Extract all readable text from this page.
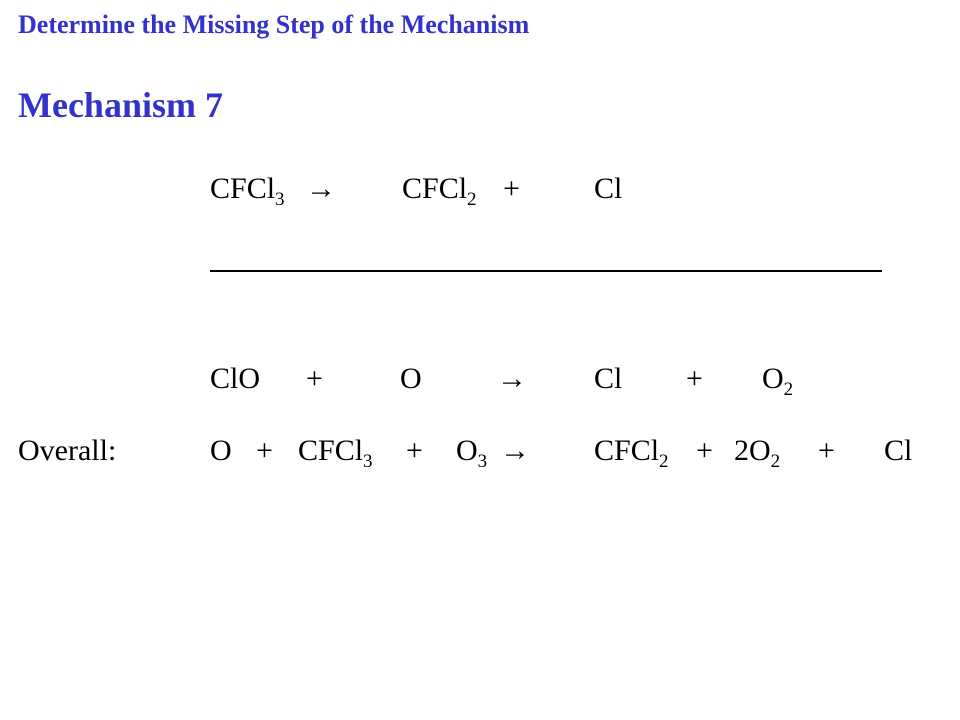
Determine the Missing Step of the Mechanism
Mechanism 7
CFCl$_3$ → CFCl$_2$ + Cl
ClO +	O	→ $Cl + O_2$
Overall:	O + CFCl$_3$ + $O_3$ → CFCl$_2$ + $2O_2 + Cl$
